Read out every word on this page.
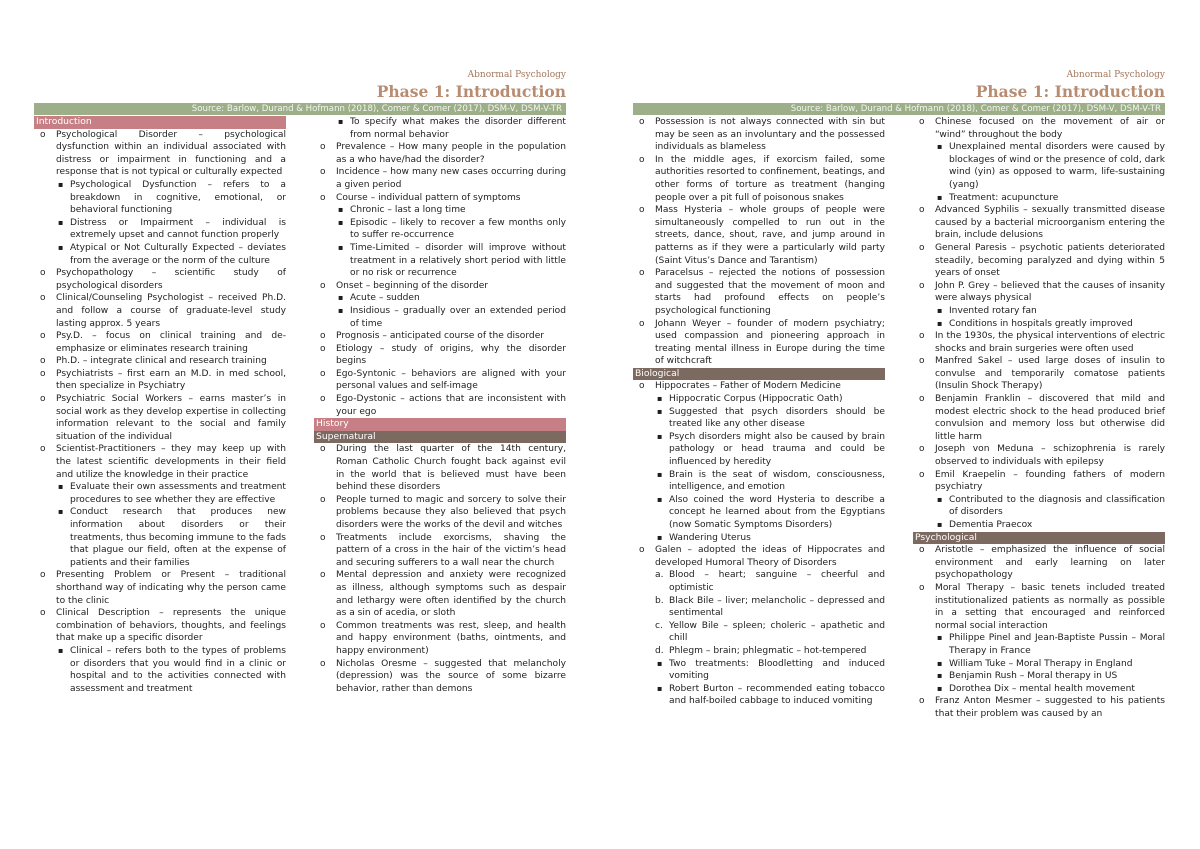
Abnormal Psychology
Phase 1: Introduction
Source: Barlow, Durand & Hofmann (2018), Comer & Comer (2017), DSM-V, DSM-V-TR
Introduction
o Psychological Disorder – psychological dysfunction within an individual associated with distress or impairment in functioning and a response that is not typical or culturally expected
▪ Psychological Dysfunction – refers to a breakdown in cognitive, emotional, or behavioral functioning
▪ Distress or Impairment – individual is extremely upset and cannot function properly
▪ Atypical or Not Culturally Expected – deviates from the average or the norm of the culture
o Psychopathology – scientific study of psychological disorders
o Clinical/Counseling Psychologist – received Ph.D. and follow a course of graduate-level study lasting approx. 5 years
o Psy.D. – focus on clinical training and de-emphasize or eliminates research training
o Ph.D. – integrate clinical and research training
o Psychiatrists – first earn an M.D. in med school, then specialize in Psychiatry
o Psychiatric Social Workers – earns master’s in social work as they develop expertise in collecting information relevant to the social and family situation of the individual
o Scientist-Practitioners – they may keep up with the latest scientific developments in their field and utilize the knowledge in their practice
▪ Evaluate their own assessments and treatment procedures to see whether they are effective
▪ Conduct research that produces new information about disorders or their treatments, thus becoming immune to the fads that plague our field, often at the expense of patients and their families
o Presenting Problem or Present – traditional shorthand way of indicating why the person came to the clinic
o Clinical Description – represents the unique combination of behaviors, thoughts, and feelings that make up a specific disorder
▪ Clinical – refers both to the types of problems or disorders that you would find in a clinic or hospital and to the activities connected with assessment and treatment
▪ To specify what makes the disorder different from normal behavior
o Prevalence – How many people in the population as a who have/had the disorder?
o Incidence – how many new cases occurring during a given period
o Course – individual pattern of symptoms
▪ Chronic – last a long time
▪ Episodic – likely to recover a few months only to suffer re-occurrence
▪ Time-Limited – disorder will improve without treatment in a relatively short period with little or no risk or recurrence
o Onset – beginning of the disorder
▪ Acute – sudden
▪ Insidious – gradually over an extended period of time
o Prognosis – anticipated course of the disorder
o Etiology – study of origins, why the disorder begins
o Ego-Syntonic – behaviors are aligned with your personal values and self-image
o Ego-Dystonic – actions that are inconsistent with your ego
History
Supernatural
o During the last quarter of the 14th century, Roman Catholic Church fought back against evil in the world that is believed must have been behind these disorders
o People turned to magic and sorcery to solve their problems because they also believed that psych disorders were the works of the devil and witches
o Treatments include exorcisms, shaving the pattern of a cross in the hair of the victim’s head and securing sufferers to a wall near the church
o Mental depression and anxiety were recognized as illness, although symptoms such as despair and lethargy were often identified by the church as a sin of acedia, or sloth
o Common treatments was rest, sleep, and health and happy environment (baths, ointments, and happy environment)
o Nicholas Oresme – suggested that melancholy (depression) was the source of some bizarre behavior, rather than demons
Abnormal Psychology
Phase 1: Introduction
Source: Barlow, Durand & Hofmann (2018), Comer & Comer (2017), DSM-V, DSM-V-TR
o Possession is not always connected with sin but may be seen as an involuntary and the possessed individuals as blameless
o In the middle ages, if exorcism failed, some authorities resorted to confinement, beatings, and other forms of torture as treatment (hanging people over a pit full of poisonous snakes
o Mass Hysteria – whole groups of people were simultaneously compelled to run out in the streets, dance, shout, rave, and jump around in patterns as if they were a particularly wild party (Saint Vitus’s Dance and Tarantism)
o Paracelsus – rejected the notions of possession and suggested that the movement of moon and starts had profound effects on people’s psychological functioning
o Johann Weyer – founder of modern psychiatry; used compassion and pioneering approach in treating mental illness in Europe during the time of witchcraft
Biological
o Hippocrates – Father of Modern Medicine
▪ Hippocratic Corpus (Hippocratic Oath)
▪ Suggested that psych disorders should be treated like any other disease
▪ Psych disorders might also be caused by brain pathology or head trauma and could be influenced by heredity
▪ Brain is the seat of wisdom, consciousness, intelligence, and emotion
▪ Also coined the word Hysteria to describe a concept he learned about from the Egyptians (now Somatic Symptoms Disorders)
▪ Wandering Uterus
o Galen – adopted the ideas of Hippocrates and developed Humoral Theory of Disorders
a. Blood – heart; sanguine – cheerful and optimistic
b. Black Bile – liver; melancholic – depressed and sentimental
c. Yellow Bile – spleen; choleric – apathetic and chill
d. Phlegm – brain; phlegmatic – hot-tempered
▪ Two treatments: Bloodletting and induced vomiting
▪ Robert Burton – recommended eating tobacco and half-boiled cabbage to induced vomiting
o Chinese focused on the movement of air or “wind” throughout the body
▪ Unexplained mental disorders were caused by blockages of wind or the presence of cold, dark wind (yin) as opposed to warm, life-sustaining (yang)
▪ Treatment: acupuncture
o Advanced Syphilis – sexually transmitted disease caused by a bacterial microorganism entering the brain, include delusions
o General Paresis – psychotic patients deteriorated steadily, becoming paralyzed and dying within 5 years of onset
o John P. Grey – believed that the causes of insanity were always physical
▪ Invented rotary fan
▪ Conditions in hospitals greatly improved
o In the 1930s, the physical interventions of electric shocks and brain surgeries were often used
o Manfred Sakel – used large doses of insulin to convulse and temporarily comatose patients (Insulin Shock Therapy)
o Benjamin Franklin – discovered that mild and modest electric shock to the head produced brief convulsion and memory loss but otherwise did little harm
o Joseph von Meduna – schizophrenia is rarely observed to individuals with epilepsy
o Emil Kraepelin – founding fathers of modern psychiatry
▪ Contributed to the diagnosis and classification of disorders
▪ Dementia Praecox
Psychological
o Aristotle – emphasized the influence of social environment and early learning on later psychopathology
o Moral Therapy – basic tenets included treated institutionalized patients as normally as possible in a setting that encouraged and reinforced normal social interaction
▪ Philippe Pinel and Jean-Baptiste Pussin – Moral Therapy in France
▪ William Tuke – Moral Therapy in England
▪ Benjamin Rush – Moral therapy in US
▪ Dorothea Dix – mental health movement
o Franz Anton Mesmer – suggested to his patients that their problem was caused by an
